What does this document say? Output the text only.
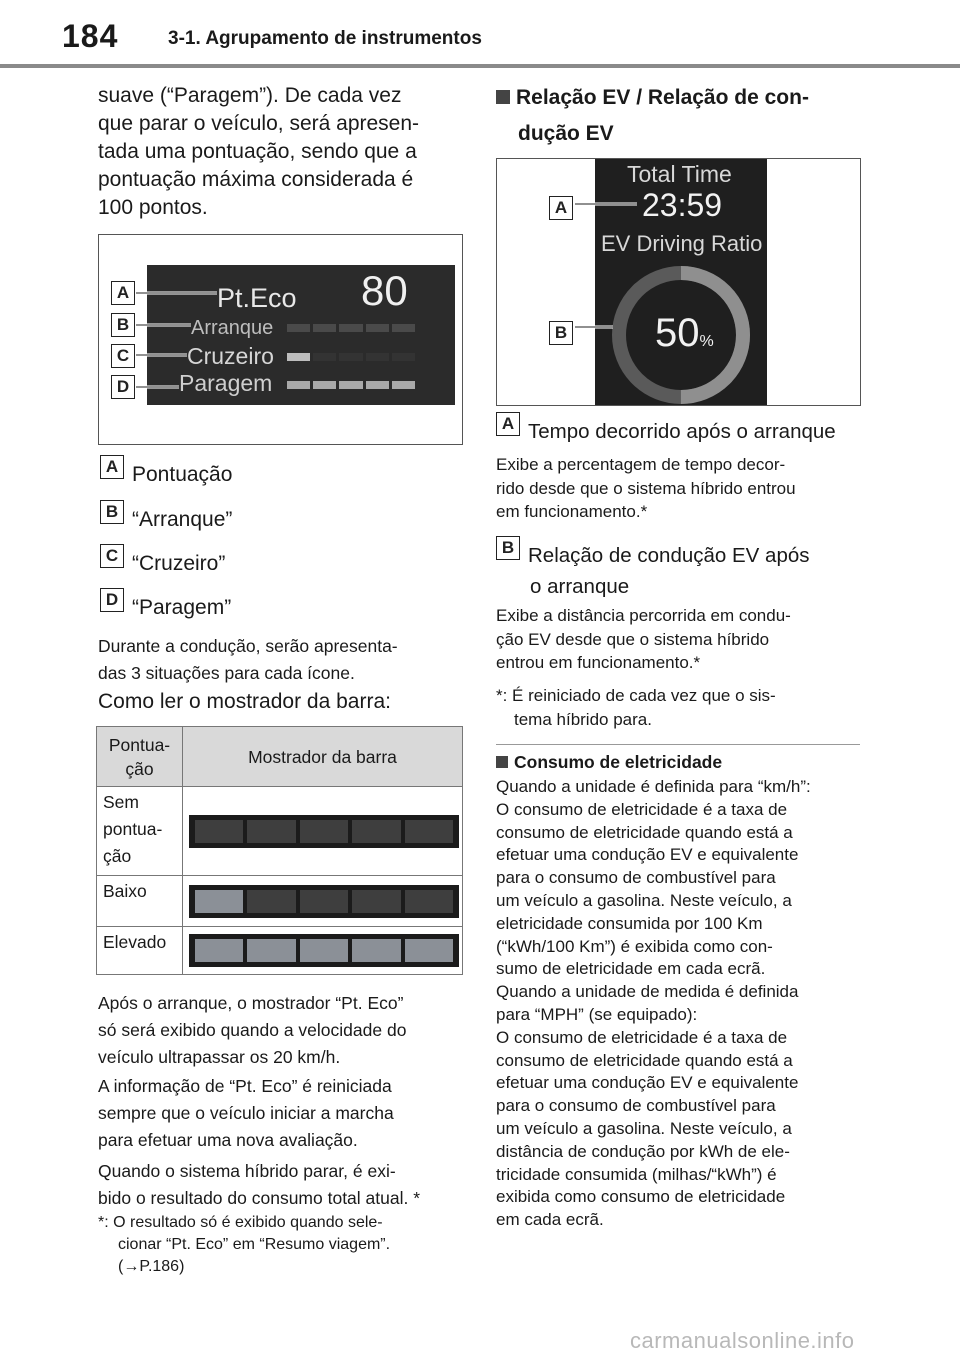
184	3-1. Agrupamento de instrumentos
suave (“Paragem”). De cada vez
que parar o veículo, será apresen-
tada uma pontuação, sendo que a
pontuação máxima considerada é
100 pontos.
Pt.Eco 80
Arranque
Cruzeiro
Paragem
A
B
C
D
A Pontuação
B “Arranque”
C “Cruzeiro”
D “Paragem”
Durante a condução, serão apresenta-
das 3 situações para cada ícone.
Como ler o mostrador da barra:
Pontua-
ção	Mostrador da barra

Sem
pontua-
ção	

Baixo	

Elevado	

Após o arranque, o mostrador “Pt. Eco”
só será exibido quando a velocidade do
veículo ultrapassar os 20 km/h.
A informação de “Pt. Eco” é reiniciada
sempre que o veículo iniciar a marcha
para efetuar uma nova avaliação.
Quando o sistema híbrido parar, é exi-
bido o resultado do consumo total atual. *
*: O resultado só é exibido quando sele-
cionar “Pt. Eco” em “Resumo viagem”.
(→P.186)
Relação EV / Relação de con-
dução EV
Total Time
23:59
EV Driving Ratio
50%
A
B
A Tempo decorrido após o arranque
Exibe a percentagem de tempo decor-
rido desde que o sistema híbrido entrou
em funcionamento.*
B Relação de condução EV após
o arranque
Exibe a distância percorrida em condu-
ção EV desde que o sistema híbrido
entrou em funcionamento.*
*: É reiniciado de cada vez que o sis-
tema híbrido para.
Consumo de eletricidade
Quando a unidade é definida para “km/h”:
O consumo de eletricidade é a taxa de
consumo de eletricidade quando está a
efetuar uma condução EV e equivalente
para o consumo de combustível para
um veículo a gasolina. Neste veículo, a
eletricidade consumida por 100 Km
(“kWh/100 Km”) é exibida como con-
sumo de eletricidade em cada ecrã.
Quando a unidade de medida é definida
para “MPH” (se equipado):
O consumo de eletricidade é a taxa de
consumo de eletricidade quando está a
efetuar uma condução EV e equivalente
para o consumo de combustível para
um veículo a gasolina. Neste veículo, a
distância de condução por kWh de ele-
tricidade consumida (milhas/“kWh”) é
exibida como consumo de eletricidade
em cada ecrã.
carmanualsonline.info
